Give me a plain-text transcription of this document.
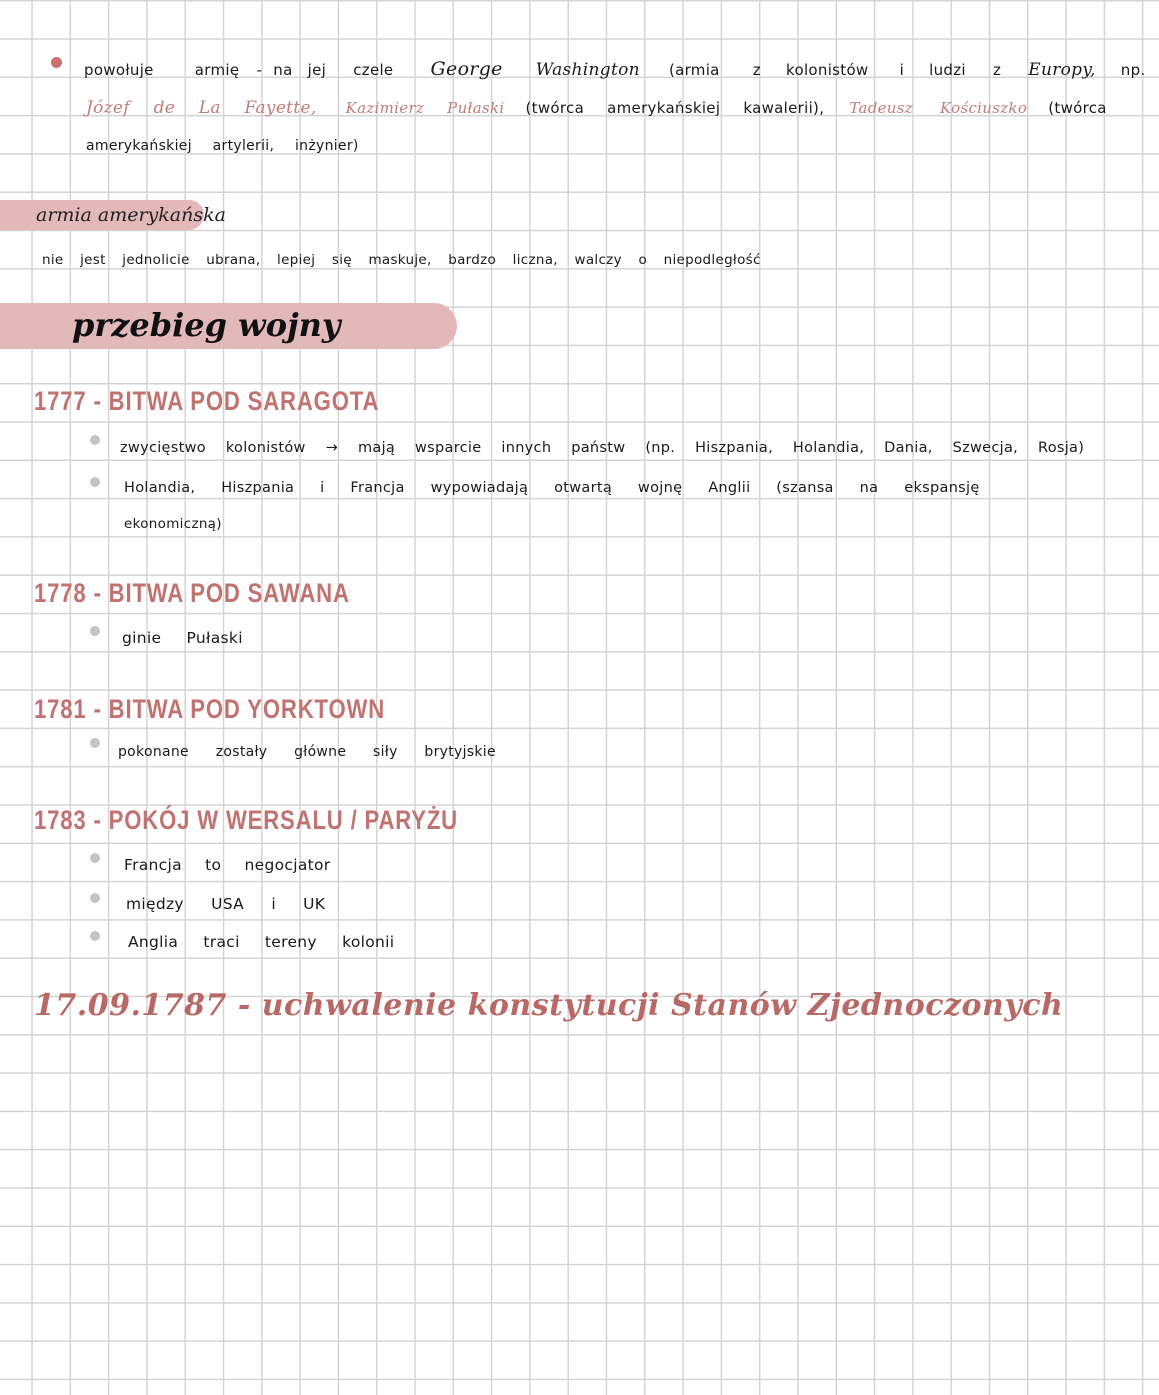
powołuje	armię - na jej czele George Washington (armia z kolonistów i ludzi z Europy, np.
Józef de La Fayette, Kazimierz Pułaski (twórca amerykańskiej kawalerii), Tadeusz Kościuszko (twórca
amerykańskiej artylerii, inżynier)
armia amerykańska
nie jest jednolicie ubrana, lepiej się maskuje, bardzo liczna, walczy o niepodległość
przebieg wojny
1777 - BITWA POD SARAGOTA
zwycięstwo kolonistów → mają wsparcie innych państw (np. Hiszpania, Holandia, Dania, Szwecja, Rosja)
Holandia, Hiszpania i Francja wypowiadają otwartą wojnę Anglii (szansa na ekspansję
ekonomiczną)
1778 - BITWA POD SAWANA
ginie Pułaski
1781 - BITWA POD YORKTOWN
pokonane zostały główne siły brytyjskie
1783 - POKÓJ W WERSALU / PARYŻU
Francja to negocjator
między USA i UK
Anglia traci tereny kolonii
17.09.1787 - uchwalenie konstytucji Stanów Zjednoczonych
